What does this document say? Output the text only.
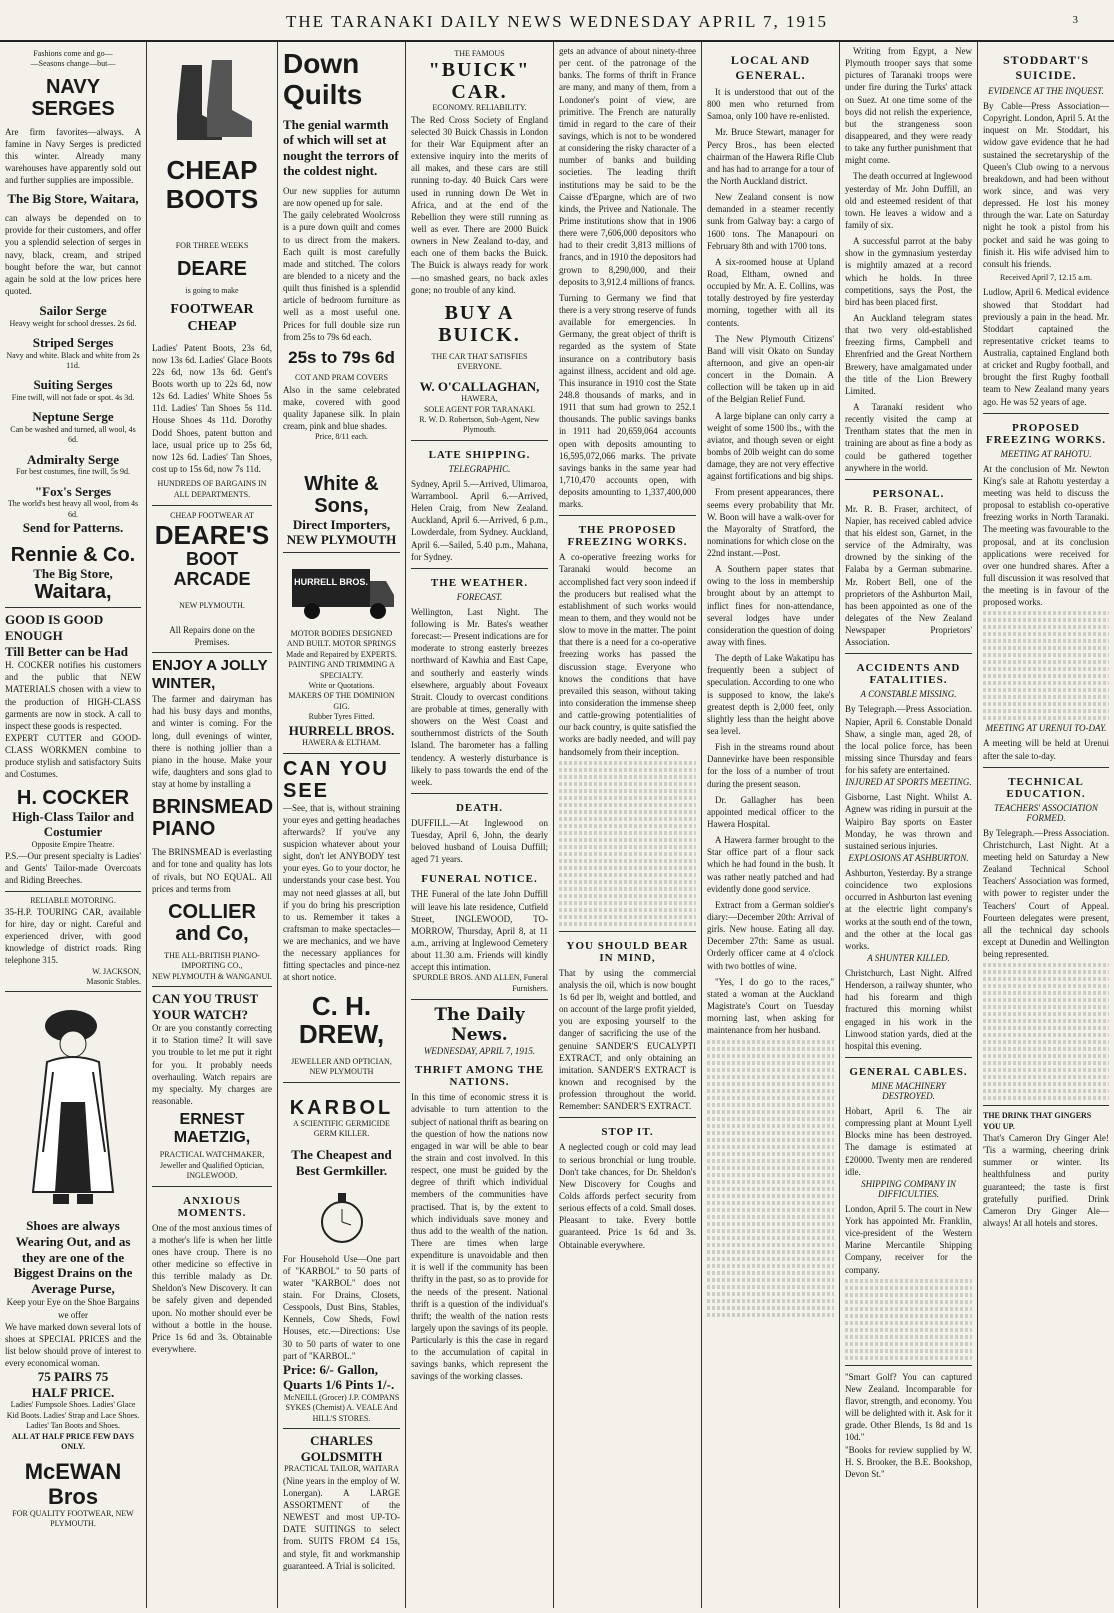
THE TARANAKI DAILY NEWS WEDNESDAY APRIL 7, 1915	3
Fashions come and go—
—Seasons change—but—
NAVY SERGES
Are firm favorites—always. A famine in Navy Serges is predicted this winter. Already many warehouses have apparently sold out and further supplies are impossible.
The Big Store, Waitara,
can always be depended on to provide for their customers, and offer you a splendid selection of serges in navy, black, cream, and striped bought before the war, but cannot again be sold at the low prices here quoted.
Sailor Serge
Heavy weight for school dresses. 2s 6d.
Striped Serges
Navy and white. Black and white from 2s 11d.
Suiting Serges
Fine twill, will not fade or spot. 4s 3d.
Neptune Serge
Can be washed and turned, all wool, 4s 6d.
Admiralty Serge
For best costumes, fine twill, 5s 9d.
"Fox's Serges
The world's best heavy all wool, from 4s 6d.
Send for Patterns.
Rennie & Co.
The Big Store,
Waitara,
GOOD IS GOOD
ENOUGH
Till Better can be Had
H. COCKER notifies his customers and the public that NEW MATERIALS chosen with a view to the production of HIGH-CLASS garments are now in stock. A call to inspect these goods is respected.
EXPERT CUTTER and GOOD-CLASS WORKMEN combine to produce stylish and satisfactory Suits and Costumes.
H. COCKER
High-Class Tailor and Costumier
Opposite Empire Theatre.
P.S.—Our present specialty is Ladies' and Gents' Tailor-made Overcoats and Riding Breeches.
RELIABLE MOTORING.
35-H.P. TOURING CAR, available for hire, day or night. Careful and experienced driver, with good knowledge of district roads. Ring telephone 315.
W. JACKSON,
Masonic Stables.
Shoes are always Wearing Out, and as they are one of the Biggest Drains on the Average Purse,
Keep your Eye on the Shoe Bargains we offer
We have marked down several lots of shoes at SPECIAL PRICES and the list below should prove of interest to every economical woman.
75 PAIRS 75
HALF PRICE.
Ladies' Fumpsole Shoes. Ladies' Glace Kid Boots. Ladies' Strap and Lace Shoes. Ladies' Tan Boots and Shoes.
ALL AT HALF PRICE FEW DAYS ONLY.
McEWAN Bros
FOR QUALITY FOOTWEAR, NEW PLYMOUTH.
CHEAP
BOOTS
FOR THREE WEEKS
DEARE
is going to make
FOOTWEAR CHEAP
Ladies' Patent Boots, 23s 6d, now 13s 6d. Ladies' Glace Boots 22s 6d, now 13s 6d. Gent's Boots worth up to 22s 6d, now 12s 6d. Ladies' White Shoes 5s 11d. Ladies' Tan Shoes 5s 11d. House Shoes 4s 11d. Dorothy Dodd Shoes, patent button and lace, usual price up to 25s 6d, now 12s 6d. Ladies' Tan Shoes, cost up to 15s 6d, now 7s 11d.
HUNDREDS OF BARGAINS IN ALL DEPARTMENTS.
CHEAP FOOTWEAR AT
DEARE'S
BOOT ARCADE
NEW PLYMOUTH.
All Repairs done on the Premises.
ENJOY A JOLLY WINTER,
The farmer and dairyman has had his busy days and months, and winter is coming. For the long, dull evenings of winter, there is nothing jollier than a piano in the house. Make your wife, daughters and sons glad to stay at home by installing a
BRINSMEAD PIANO
The BRINSMEAD is everlasting and for tone and quality has lots of rivals, but NO EQUAL. All prices and terms from
COLLIER and Co,
THE ALL-BRITISH PIANO-IMPORTING CO.,
NEW PLYMOUTH & WANGANUI.
CAN YOU TRUST YOUR WATCH?
Or are you constantly correcting it to Station time? It will save you trouble to let me put it right for you. It probably needs overhauling. Watch repairs are my specialty. My charges are reasonable.
ERNEST MAETZIG,
PRACTICAL WATCHMAKER, Jeweller and Qualified Optician,
INGLEWOOD.
ANXIOUS MOMENTS.
One of the most anxious times of a mother's life is when her little ones have croup. There is no other medicine so effective in this terrible malady as Dr. Sheldon's New Discovery. It can be safely given and depended upon. No mother should ever be without a bottle in the house. Price 1s 6d and 3s. Obtainable everywhere.
Down Quilts
The genial warmth of which will set at nought the terrors of the coldest night.
Our new supplies for autumn are now opened up for sale.
The gaily celebrated Woolcross is a pure down quilt and comes to us direct from the makers. Each quilt is most carefully made and stitched. The colors are blended to a nicety and the quilt thus finished is a splendid article of bedroom furniture as well as a most useful one. Prices for full double size run from 25s to 79s 6d each.
25s to 79s 6d
COT AND PRAM COVERS
Also in the same celebrated make, covered with good quality Japanese silk. In plain cream, pink and blue shades.
Price, 8/11 each.
White & Sons,
Direct Importers,
NEW PLYMOUTH
HURRELL BROS.
MOTOR BODIES DESIGNED AND BUILT. MOTOR SPRINGS Made and Repaired by EXPERTS. PAINTING AND TRIMMING A SPECIALTY.
Write or Quotations.
MAKERS OF THE DOMINION GIG.
Rubber Tyres Fitted.
HURRELL BROS.
HAWERA & ELTHAM.
CAN YOU SEE
—See, that is, without straining your eyes and getting headaches afterwards? If you've any suspicion whatever about your sight, don't let ANYBODY test your eyes. Go to your doctor, he understands your case best. You may not need glasses at all, but if you do bring his prescription to us. Remember it takes a craftsman to make spectacles—we are mechanics, and we have the necessary appliances for fitting spectacles and pince-nez at short notice.
C. H. DREW,
JEWELLER AND OPTICIAN, NEW PLYMOUTH
KARBOL
A SCIENTIFIC GERMICIDE GERM KILLER.
The Cheapest and Best Germkiller.
For Household Use—One part of "KARBOL" to 50 parts of water "KARBOL" does not stain. For Drains, Closets, Cesspools, Dust Bins, Stables, Kennels, Cow Sheds, Fowl Houses, etc.—Directions: Use 30 to 50 parts of water to one part of "KARBOL."
Price: 6/- Gallon, Quarts 1/6 Pints 1/-.
McNEILL (Grocer) J.P. COMPANS SYKES (Chemist) A. VEALE And HILL'S STORES.
CHARLES GOLDSMITH
PRACTICAL TAILOR, WAITARA
(Nine years in the employ of W. Lonergan). A LARGE ASSORTMENT of the NEWEST and most UP-TO-DATE SUITINGS to select from. SUITS FROM £4 15s, and style, fit and workmanship guaranteed. A Trial is solicited.
THE FAMOUS
"BUICK" CAR.
ECONOMY. RELIABILITY.
The Red Cross Society of England selected 30 Buick Chassis in London for their War Equipment after an extensive inquiry into the merits of all makes, and these cars are still running to-day. 40 Buick Cars were used in running down De Wet in Africa, and at the end of the Rebellion they were still running as well as ever. There are 2000 Buick owners in New Zealand to-day, and each one of them backs the Buick. The Buick is always ready for work—no smashed gears, no back axles gone; no trouble of any kind.
BUY A BUICK.
THE CAR THAT SATISFIES EVERYONE.
W. O'CALLAGHAN,
HAWERA,
SOLE AGENT FOR TARANAKI.
R. W. D. Robertson, Sub-Agent, New Plymouth.
LATE SHIPPING.
TELEGRAPHIC.
Sydney, April 5.—Arrived, Ulimaroa, Warrambool. April 6.—Arrived, Helen Craig, from New Zealand. Auckland, April 6.—Arrived, 6 p.m., Lowderdale, from Sydney. Auckland, April 6.—Sailed, 5.40 p.m., Mahana, for Sydney.
THE WEATHER.
FORECAST.
Wellington, Last Night. The following is Mr. Bates's weather forecast:— Present indications are for moderate to strong easterly breezes northward of Kawhia and East Cape, and southerly and easterly winds elsewhere, arguably about Foveaux Strait. Cloudy to overcast conditions are probable at times, generally with showers on the West Coast and southernmost districts of the South Island. The barometer has a falling tendency. A westerly disturbance is likely to pass towards the end of the week.
DEATH.
DUFFILL.—At Inglewood on Tuesday, April 6, John, the dearly beloved husband of Louisa Duffill; aged 71 years.
FUNERAL NOTICE.
THE Funeral of the late John Duffill will leave his late residence, Cutfield Street, INGLEWOOD, TO-MORROW, Thursday, April 8, at 11 a.m., arriving at Inglewood Cemetery about 11.30 a.m. Friends will kindly accept this intimation.
SPURDLE BROS. AND ALLEN, Funeral Furnishers.
The Daily News.
WEDNESDAY, APRIL 7, 1915.
THRIFT AMONG THE NATIONS.
In this time of economic stress it is advisable to turn attention to the subject of national thrift as bearing on the question of how the nations now engaged in war will be able to bear the strain and cost involved. In this respect, one must be guided by the degree of thrift which individual members of the communities have practised. That is, by the extent to which individuals save money and thus add to the wealth of the nation. There are times when large expenditure is unavoidable and then it is well if the community has been thrifty in the past, so as to provide for the needs of the present. National thrift is a question of the individual's thrift; the wealth of the nation rests largely upon the savings of its people. Particularly is this the case in regard to the accumulation of capital in savings banks, which represent the savings of the working classes.
gets an advance of about ninety-three per cent. of the patronage of the banks. The forms of thrift in France are many, and many of them, from a Londoner's point of view, are primitive. The French are naturally timid in regard to the care of their savings, which is not to be wondered at considering the risky character of a number of banks and building societies. The leading thrift institutions may be said to be the Caisse d'Epargne, which are of two kinds, the Privee and Nationale. The Prime institutions show that in 1906 there were 7,606,000 depositors who had to their credit 3,813 millions of francs, and in 1910 the depositors had grown to 8,290,000, and their deposits to 3,912.4 millions of francs.
Turning to Germany we find that there is a very strong reserve of funds available for emergencies. In Germany, the great object of thrift is regarded as the system of State insurance on a contributory basis against illness, accident and old age. This insurance in 1910 cost the State 248.8 thousands of marks, and in 1911 that sum had grown to 252.1 thousands. The public savings banks in 1911 had 20,659,064 accounts open with deposits amounting to 16,595,072,066 marks. The private savings banks in the same year had 1,710,470 accounts open, with deposits amounting to 1,337,400,000 marks.
THE PROPOSED FREEZING WORKS.
A co-operative freezing works for Taranaki would become an accomplished fact very soon indeed if the producers but realised what the establishment of such works would mean to them, and they would not be slow to move in the matter. The point that there is a need for a co-operative freezing works has passed the discussion stage. Everyone who knows the conditions that have prevailed this season, without taking into consideration the immense sheep and cattle-growing potentialities of our back country, is quite satisfied the works are badly needed, and will pay handsomely from their inception.
YOU SHOULD BEAR IN MIND,
That by using the commercial analysis the oil, which is now bought 1s 6d per lb, weight and bottled, and on account of the large profit yielded, you are exposing yourself to the danger of sacrificing the use of the genuine SANDER'S EUCALYPTI EXTRACT, and only obtaining an imitation. SANDER'S EXTRACT is known and recognised by the profession throughout the world. Remember: SANDER'S EXTRACT.
STOP IT.
A neglected cough or cold may lead to serious bronchial or lung trouble. Don't take chances, for Dr. Sheldon's New Discovery for Coughs and Colds affords perfect security from serious effects of a cold. Small doses. Pleasant to take. Every bottle guaranteed. Price 1s 6d and 3s. Obtainable everywhere.
LOCAL AND GENERAL.

It is understood that out of the 800 men who returned from Samoa, only 100 have re-enlisted.

Mr. Bruce Stewart, manager for Percy Bros., has been elected chairman of the Hawera Rifle Club and has had to arrange for a tour of the North Auckland district.

New Zealand consent is now demanded in a steamer recently sunk from Galway bay: a cargo of 1600 tons. The Manapouri on February 8th and with 1700 tons.

A six-roomed house at Upland Road, Eltham, owned and occupied by Mr. A. E. Collins, was totally destroyed by fire yesterday morning, together with all its contents.

The New Plymouth Citizens' Band will visit Okato on Sunday afternoon, and give an open-air concert in the Domain. A collection will be taken up in aid of the Belgian Relief Fund.

A large biplane can only carry a weight of some 1500 lbs., with the aviator, and though seven or eight bombs of 20lb weight can do some damage, they are not very effective against fortifications and big ships.

From present appearances, there seems every probability that Mr. W. Boon will have a walk-over for the Mayoralty of Stratford, the nominations for which close on the 22nd instant.—Post.

A Southern paper states that owing to the loss in membership brought about by an attempt to inflict fines for non-attendance, several lodges have under consideration the question of doing away with fines.

The depth of Lake Wakatipu has frequently been a subject of speculation. According to one who is supposed to know, the lake's greatest depth is 2,000 feet, only slightly less than the height above sea level.

Fish in the streams round about Dannevirke have been responsible for the loss of a number of trout during the present season.

Dr. Gallagher has been appointed medical officer to the Hawera Hospital.

A Hawera farmer brought to the Star office part of a flour sack which he had found in the bush. It was rather neatly patched and had evidently done good service.

Extract from a German soldier's diary:—December 20th: Arrival of girls. New house. Eating all day. December 27th: Same as usual. Orderly officer came at 4 o'clock with two bottles of wine.

"Yes, I do go to the races," stated a woman at the Auckland Magistrate's Court on Tuesday morning last, when asking for maintenance from her husband.

Writing from Egypt, a New Plymouth trooper says that some pictures of Taranaki troops were under fire during the Turks' attack on Suez. At one time some of the boys did not relish the experience, but the strangeness soon disappeared, and they were ready to take any further punishment that might come.

The death occurred at Inglewood yesterday of Mr. John Duffill, an old and esteemed resident of that town. He leaves a widow and a family of six.

A successful parrot at the baby show in the gymnasium yesterday is mightily amazed at a record which he holds. In three competitions, says the Post, the bird has been placed first.

An Auckland telegram states that two very old-established freezing firms, Campbell and Ehrenfried and the Great Northern Brewery, have amalgamated under the title of the Lion Brewery Limited.

A Taranaki resident who recently visited the camp at Trentham states that the men in training are about as fine a body as could be gathered together anywhere in the world.

PERSONAL.
Mr. R. B. Fraser, architect, of Napier, has received cabled advice that his eldest son, Garnet, in the service of the Admiralty, was drowned by the sinking of the Falaba by a German submarine. Mr. Robert Bell, one of the proprietors of the Ashburton Mail, has been appointed as one of the delegates of the New Zealand Newspaper Proprietors' Association.
ACCIDENTS AND FATALITIES.
A CONSTABLE MISSING.
By Telegraph.—Press Association. Napier, April 6. Constable Donald Shaw, a single man, aged 28, of the local police force, has been missing since Thursday and fears for his safety are entertained.
INJURED AT SPORTS MEETING.
Gisborne, Last Night. Whilst A. Agnew was riding in pursuit at the Waipiro Bay sports on Easter Monday, he was thrown and sustained serious injuries.
EXPLOSIONS AT ASHBURTON.
Ashburton, Yesterday. By a strange coincidence two explosions occurred in Ashburton last evening at the electric light company's works at the south end of the town, and the other at the local gas works.
A SHUNTER KILLED.
Christchurch, Last Night. Alfred Henderson, a railway shunter, who had his forearm and thigh fractured this morning whilst engaged in his work in the Linwood station yards, died at the hospital this evening.
GENERAL CABLES.
MINE MACHINERY DESTROYED.
Hobart, April 6. The air compressing plant at Mount Lyell Blocks mine has been destroyed. The damage is estimated at £20000. Twenty men are rendered idle.
SHIPPING COMPANY IN DIFFICULTIES.
London, April 5. The court in New York has appointed Mr. Franklin, vice-president of the Western Marine Mercantile Shipping Company, receiver for the company.
"Smart Golf? You can captured New Zealand. Incomparable for flavor, strength, and economy. You will be delighted with it. Ask for it grade. Other Blends, 1s 8d and 1s 10d."
"Books for review supplied by W. H. S. Brooker, the B.E. Bookshop, Devon St."
STODDART'S SUICIDE.
EVIDENCE AT THE INQUEST.
By Cable—Press Association—Copyright. London, April 5. At the inquest on Mr. Stoddart, his widow gave evidence that he had sustained the secretaryship of the Queen's Club owing to a nervous breakdown, and had been without work since, and was very depressed. He lost his money through the war. Late on Saturday night he took a pistol from his pocket and said he was going to finish it. His wife advised him to consult his friends.
Received April 7, 12.15 a.m.
Ludlow, April 6. Medical evidence showed that Stoddart had previously a pain in the head. Mr. Stoddart captained the representative cricket teams to Australia, captained England both at cricket and Rugby football, and brought the first Rugby football team to New Zealand many years ago. He was 52 years of age.
PROPOSED FREEZING WORKS.
MEETING AT RAHOTU.
At the conclusion of Mr. Newton King's sale at Rahotu yesterday a meeting was held to discuss the proposal to establish co-operative freezing works in North Taranaki. The meeting was favourable to the proposal, and at its conclusion applications were received for over one hundred shares. After a full discussion it was resolved that the meeting is in favour of the proposed works.
MEETING AT URENUI TO-DAY.
A meeting will be held at Urenui after the sale to-day.
TECHNICAL EDUCATION.
TEACHERS' ASSOCIATION FORMED.
By Telegraph.—Press Association. Christchurch, Last Night. At a meeting held on Saturday a New Zealand Technical School Teachers' Association was formed, with power to register under the Teachers' Court of Appeal. Fourteen delegates were present, all the technical day schools except at Dunedin and Wellington being represented.
THE DRINK THAT GINGERS YOU UP.
That's Cameron Dry Ginger Ale! 'Tis a warming, cheering drink summer or winter. Its healthfulness and purity guaranteed; the taste is first gratefully purified. Drink Cameron Dry Ginger Ale—always! At all hotels and stores.
